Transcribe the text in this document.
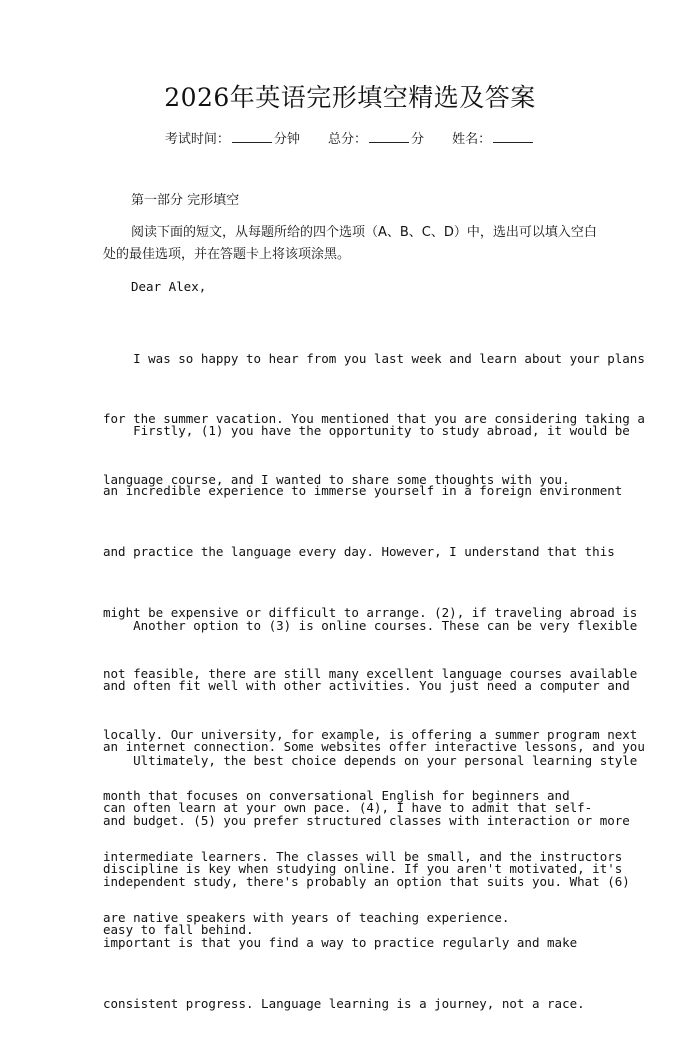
2026年英语完形填空精选及答案
考试时间：	分钟 总分：	分 姓名：

第一部分 完形填空

阅读下面的短文，从每题所给的四个选项（A、B、C、D）中，选出可以填入空白处的最佳选项，并在答题卡上将该项涂黑。

Dear Alex,

I was so happy to hear from you last week and learn about your plans

for the summer vacation. You mentioned that you are considering taking a

language course, and I wanted to share some thoughts with you.

Firstly, (1) you have the opportunity to study abroad, it would be

an incredible experience to immerse yourself in a foreign environment

and practice the language every day. However, I understand that this

might be expensive or difficult to arrange. (2), if traveling abroad is

not feasible, there are still many excellent language courses available

locally. Our university, for example, is offering a summer program next

month that focuses on conversational English for beginners and

intermediate learners. The classes will be small, and the instructors

are native speakers with years of teaching experience.

Another option to (3) is online courses. These can be very flexible

and often fit well with other activities. You just need a computer and

an internet connection. Some websites offer interactive lessons, and you

can often learn at your own pace. (4), I have to admit that self-

discipline is key when studying online. If you aren't motivated, it's

easy to fall behind.

Ultimately, the best choice depends on your personal learning style

and budget. (5) you prefer structured classes with interaction or more

independent study, there's probably an option that suits you. What (6)

important is that you find a way to practice regularly and make

consistent progress. Language learning is a journey, not a race.
